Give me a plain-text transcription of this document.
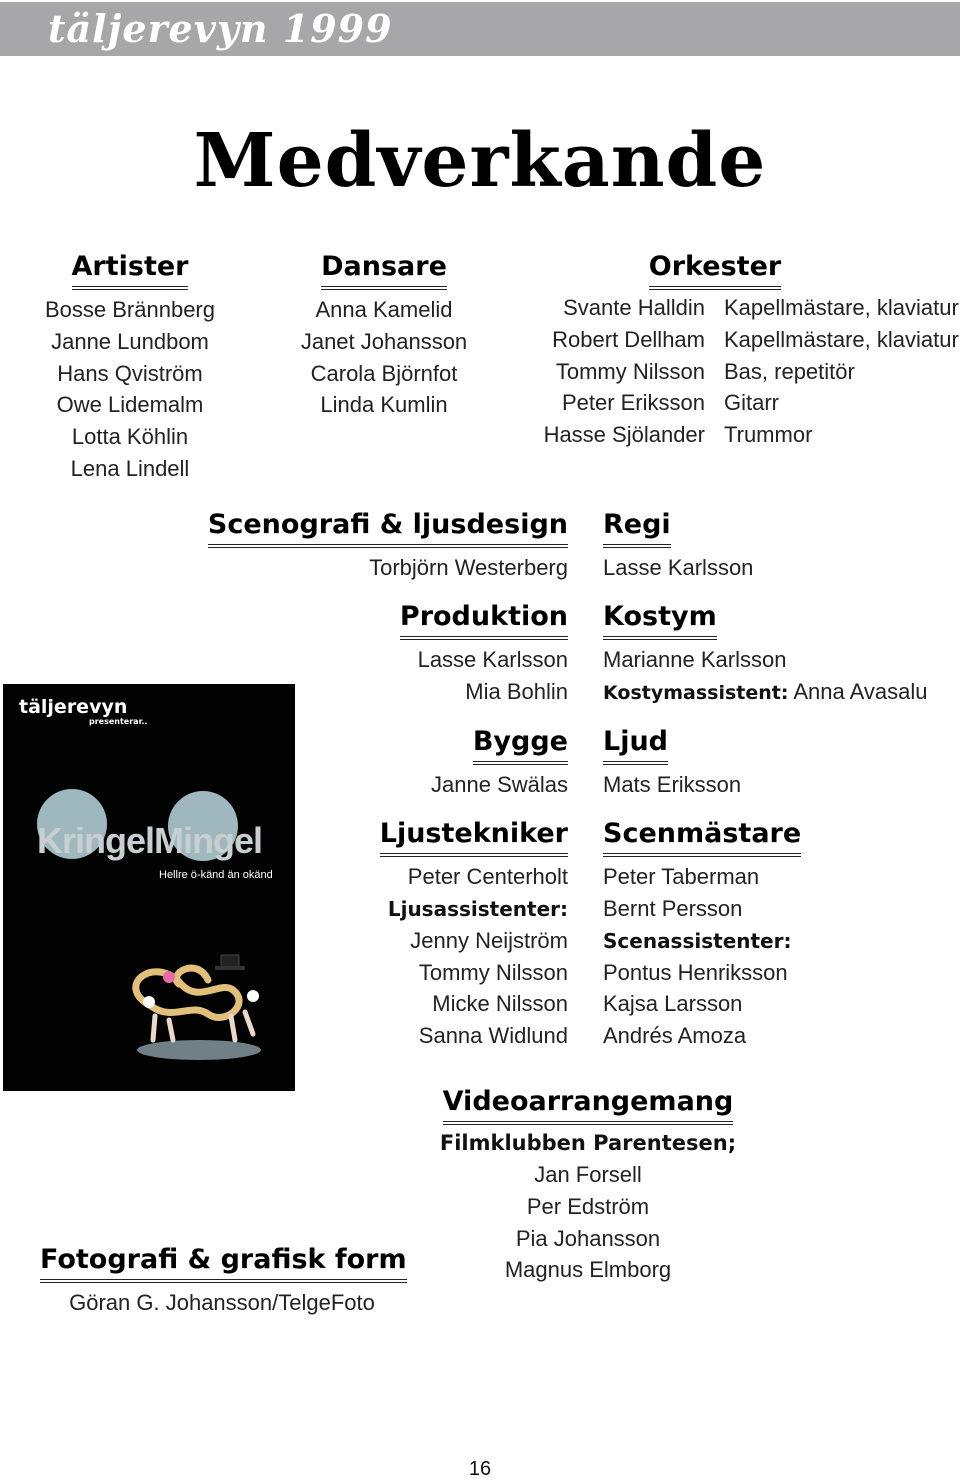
täljerevyn 1999
Medverkande
Artister
Bosse Brännberg
Janne Lundbom
Hans Qviström
Owe Lidemalm
Lotta Köhlin
Lena Lindell
Dansare
Anna Kamelid
Janet Johansson
Carola Björnfot
Linda Kumlin
Orkester
Svante Halldin
Robert Dellham
Tommy Nilsson
Peter Eriksson
Hasse Sjölander
Kapellmästare, klaviatur
Kapellmästare, klaviatur
Bas, repetitör
Gitarr
Trummor
Scenografi & ljusdesign
Torbjörn Westerberg
Regi
Lasse Karlsson
Produktion
Lasse Karlsson
Mia Bohlin
Kostym
Marianne Karlsson
Kostymassistent: Anna Avasalu
Bygge
Janne Swälas
Ljud
Mats Eriksson
Ljustekniker
Peter Centerholt
Ljusassistenter:
Jenny Neijström
Tommy Nilsson
Micke Nilsson
Sanna Widlund
Scenmästare
Peter Taberman
Bernt Persson
Scenassistenter:
Pontus Henriksson
Kajsa Larsson
Andrés Amoza
Videoarrangemang
Filmklubben Parentesen;
Jan Forsell
Per Edström
Pia Johansson
Magnus Elmborg
Fotografi & grafisk form
Göran G. Johansson/TelgeFoto
täljerevyn
presenterar..
KringelMingel
Hellre ö-känd än okänd
16
